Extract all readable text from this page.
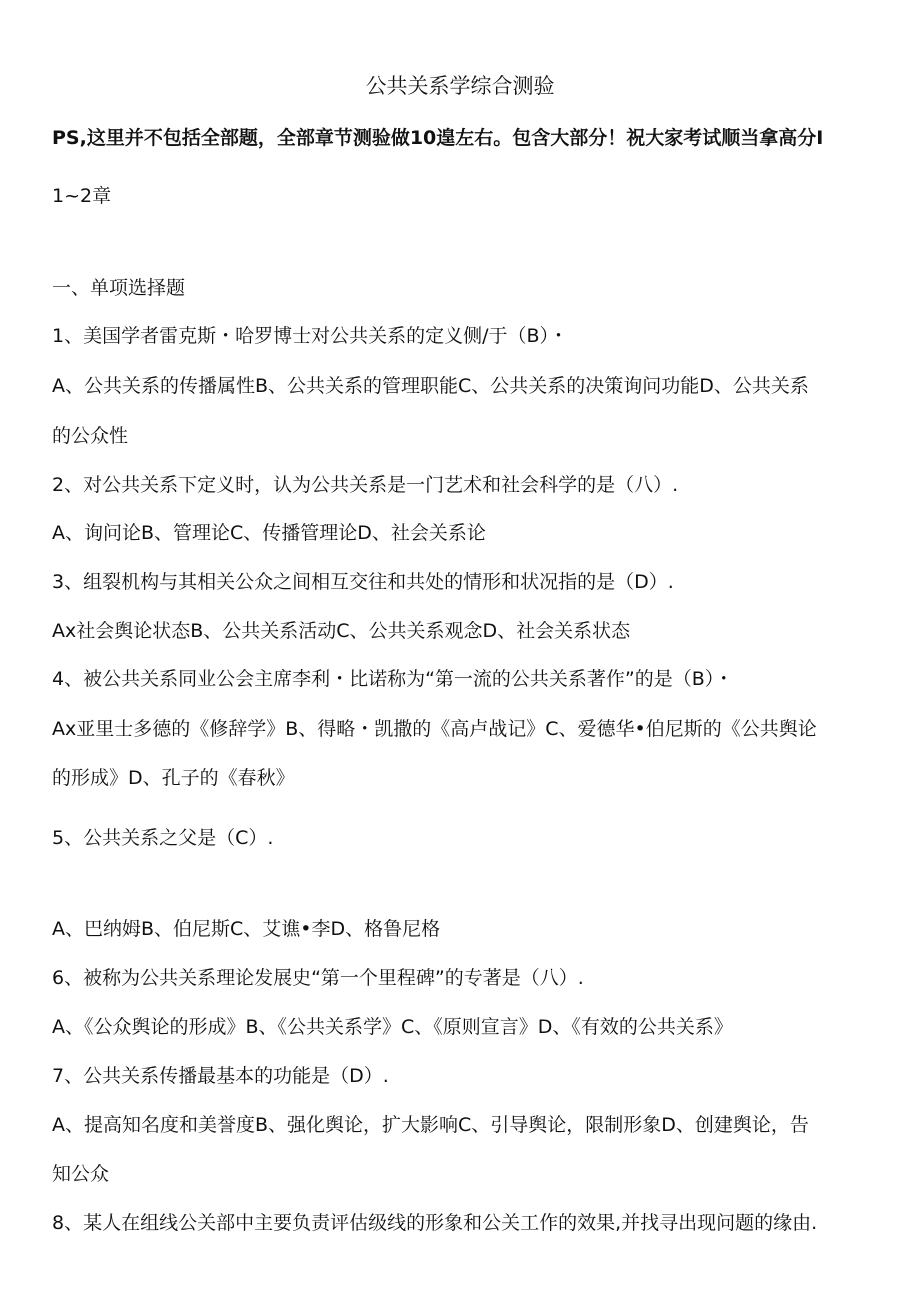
公共关系学综合测验
PS,这里并不包括全部题，全部章节测验做10遑左右。包含大部分！祝大家考试顺当拿高分I
1~2章
一、单项选择题
1、美国学者雷克斯・哈罗博士对公共关系的定义侧/于（B）・
A、公共关系的传播属性B、公共关系的管理职能C、公共关系的决策询问功能D、公共关系
的公众性
2、对公共关系下定义时，认为公共关系是一门艺术和社会科学的是（八）.
A、询问论B、管理论C、传播管理论D、社会关系论
3、组裂机构与其相关公众之间相互交往和共处的情形和状况指的是（D）.
Ax社会舆论状态B、公共关系活动C、公共关系观念D、社会关系状态
4、被公共关系同业公会主席李利・比诺称为“第一流的公共关系著作”的是（B）・
Ax亚里士多德的《修辞学》B、得略・凯撒的《高卢战记》C、爱德华•伯尼斯的《公共舆论
的形成》D、孔子的《春秋》
5、公共关系之父是（C）.
A、巴纳姆B、伯尼斯C、艾谯•李D、格鲁尼格
6、被称为公共关系理论发展史“第一个里程碑”的专著是（八）.
A、《公众舆论的形成》B、《公共关系学》C、《原则宣言》D、《有效的公共关系》
7、公共关系传播最基本的功能是（D）.
A、提高知名度和美誉度B、强化舆论，扩大影响C、引导舆论，限制形象D、创建舆论，告
知公众
8、某人在组线公关部中主要负责评估级线的形象和公关工作的效果,并找寻出现问题的缘由.
